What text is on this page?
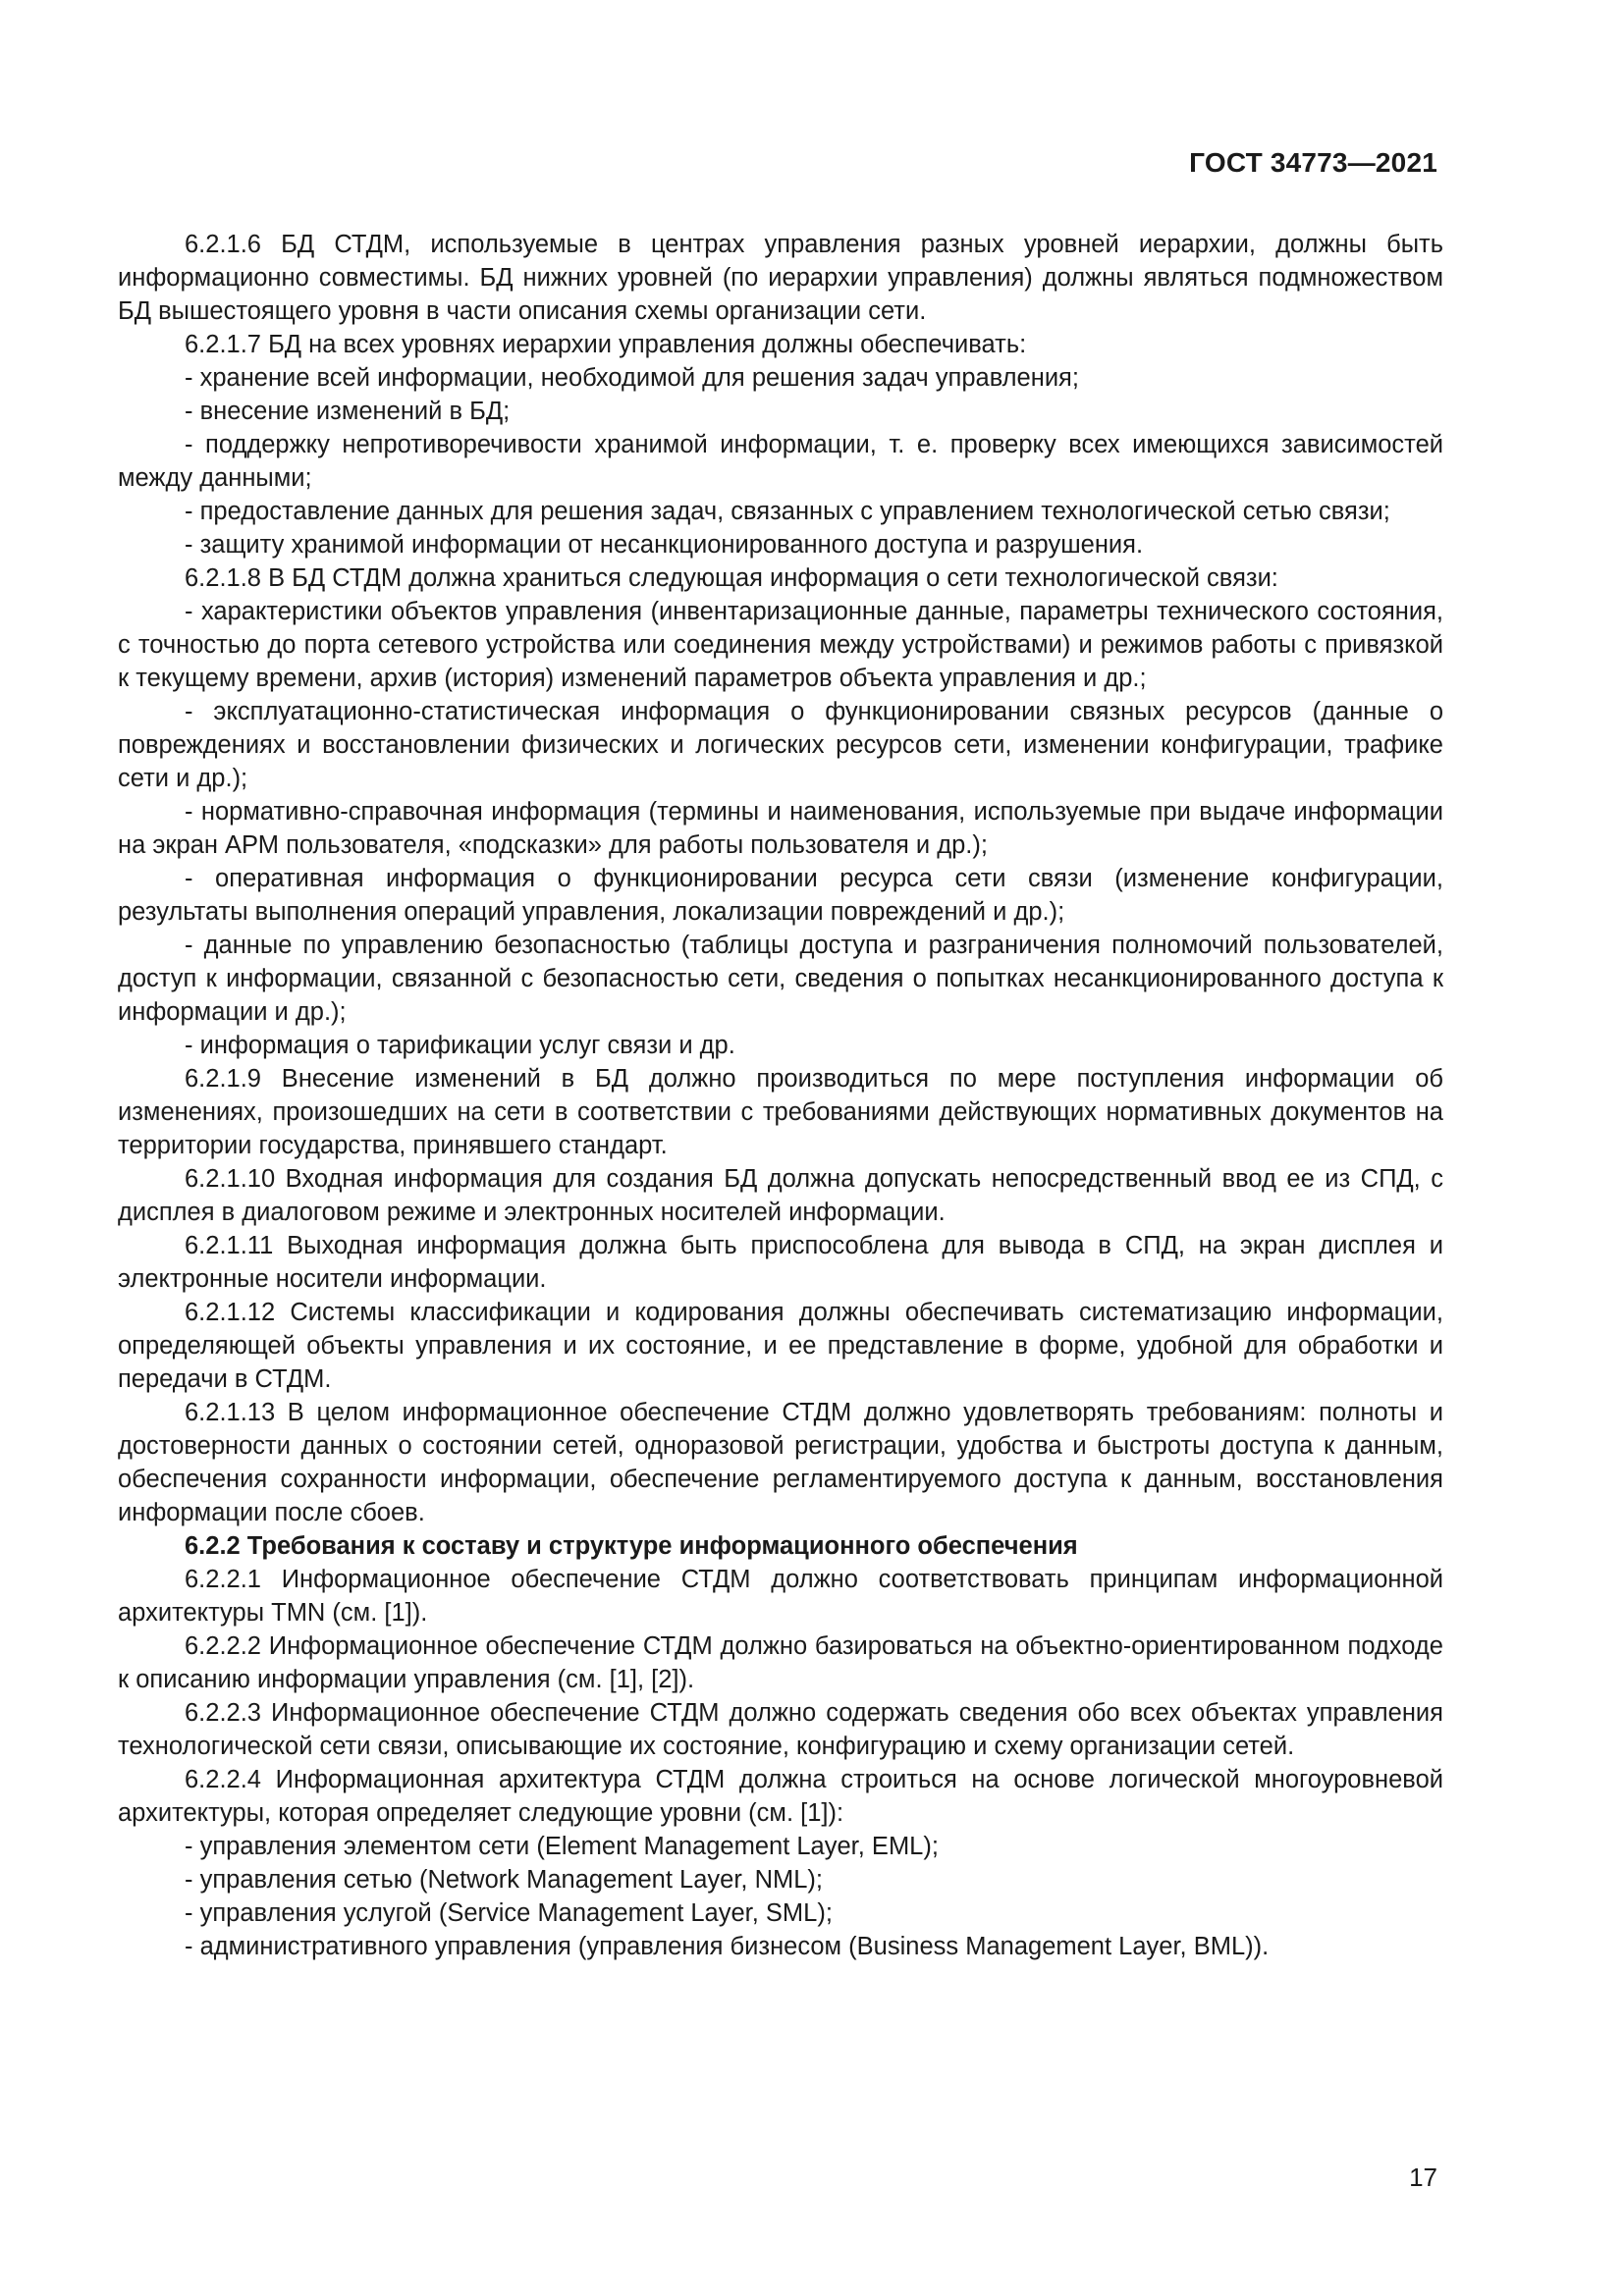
ГОСТ 34773—2021

6.2.1.6 БД СТДМ, используемые в центрах управления разных уровней иерархии, должны быть информационно совместимы. БД нижних уровней (по иерархии управления) должны являться подмножеством БД вышестоящего уровня в части описания схемы организации сети.

6.2.1.7 БД на всех уровнях иерархии управления должны обеспечивать:

- хранение всей информации, необходимой для решения задач управления;

- внесение изменений в БД;

- поддержку непротиворечивости хранимой информации, т. е. проверку всех имеющихся зависимостей между данными;

- предоставление данных для решения задач, связанных с управлением технологической сетью связи;

- защиту хранимой информации от несанкционированного доступа и разрушения.

6.2.1.8 В БД СТДМ должна храниться следующая информация о сети технологической связи:

- характеристики объектов управления (инвентаризационные данные, параметры технического состояния, с точностью до порта сетевого устройства или соединения между устройствами) и режимов работы с привязкой к текущему времени, архив (история) изменений параметров объекта управления и др.;

- эксплуатационно-статистическая информация о функционировании связных ресурсов (данные о повреждениях и восстановлении физических и логических ресурсов сети, изменении конфигурации, трафике сети и др.);

- нормативно-справочная информация (термины и наименования, используемые при выдаче информации на экран АРМ пользователя, «подсказки» для работы пользователя и др.);

- оперативная информация о функционировании ресурса сети связи (изменение конфигурации, результаты выполнения операций управления, локализации повреждений и др.);

- данные по управлению безопасностью (таблицы доступа и разграничения полномочий пользователей, доступ к информации, связанной с безопасностью сети, сведения о попытках несанкционированного доступа к информации и др.);

- информация о тарификации услуг связи и др.

6.2.1.9 Внесение изменений в БД должно производиться по мере поступления информации об изменениях, произошедших на сети в соответствии с требованиями действующих нормативных документов на территории государства, принявшего стандарт.

6.2.1.10 Входная информация для создания БД должна допускать непосредственный ввод ее из СПД, с дисплея в диалоговом режиме и электронных носителей информации.

6.2.1.11 Выходная информация должна быть приспособлена для вывода в СПД, на экран дисплея и электронные носители информации.

6.2.1.12 Системы классификации и кодирования должны обеспечивать систематизацию информации, определяющей объекты управления и их состояние, и ее представление в форме, удобной для обработки и передачи в СТДМ.

6.2.1.13 В целом информационное обеспечение СТДМ должно удовлетворять требованиям: полноты и достоверности данных о состоянии сетей, одноразовой регистрации, удобства и быстроты доступа к данным, обеспечения сохранности информации, обеспечение регламентируемого доступа к данным, восстановления информации после сбоев.

6.2.2 Требования к составу и структуре информационного обеспечения

6.2.2.1 Информационное обеспечение СТДМ должно соответствовать принципам информационной архитектуры TMN (см. [1]).

6.2.2.2 Информационное обеспечение СТДМ должно базироваться на объектно-ориентированном подходе к описанию информации управления (см. [1], [2]).

6.2.2.3 Информационное обеспечение СТДМ должно содержать сведения обо всех объектах управления технологической сети связи, описывающие их состояние, конфигурацию и схему организации сетей.

6.2.2.4 Информационная архитектура СТДМ должна строиться на основе логической многоуровневой архитектуры, которая определяет следующие уровни (см. [1]):

- управления элементом сети (Element Management Layer, EML);

- управления сетью (Network Management Layer, NML);

- управления услугой (Service Management Layer, SML);

- административного управления (управления бизнесом (Business Management Layer, BML)).

17
